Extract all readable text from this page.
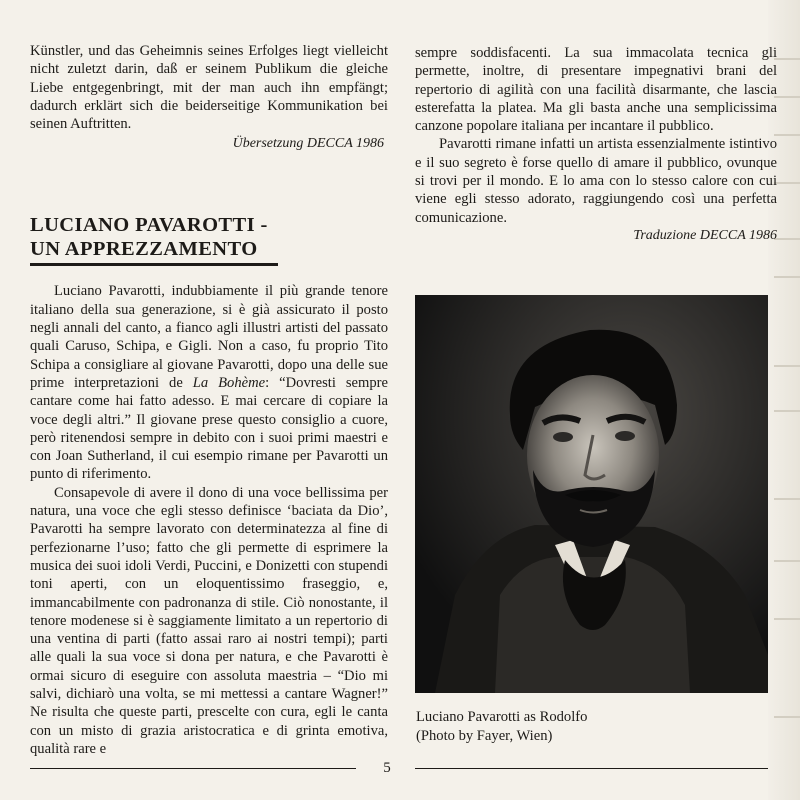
Künstler, und das Geheimnis seines Erfolges liegt vielleicht nicht zuletzt darin, daß er seinem Publikum die gleiche Liebe entgegenbringt, mit der man auch ihn empfängt; dadurch erklärt sich die beiderseitige Kommunikation bei seinen Auftritten.

Übersetzung DECCA 1986

LUCIANO PAVAROTTI -
UN APPREZZAMENTO

Luciano Pavarotti, indubbiamente il più grande tenore italiano della sua generazione, si è già assicurato il posto negli annali del canto, a fianco agli illustri artisti del passato quali Caruso, Schipa, e Gigli. Non a caso, fu proprio Tito Schipa a consigliare al giovane Pavarotti, dopo una delle sue prime interpretazioni de La Bohème: “Dovresti sempre cantare come hai fatto adesso. E mai cercare di copiare la voce degli altri.” Il giovane prese questo consiglio a cuore, però ritenendosi sempre in debito con i suoi primi maestri e con Joan Sutherland, il cui esempio rimane per Pavarotti un punto di riferimento.

Consapevole di avere il dono di una voce bellissima per natura, una voce che egli stesso definisce ‘baciata da Dio’, Pavarotti ha sempre lavorato con determinatezza al fine di perfezionarne l’uso; fatto che gli permette di esprimere la musica dei suoi idoli Verdi, Puccini, e Donizetti con stupendi toni aperti, con un eloquentissimo fraseggio, e, immancabilmente con padronanza di stile. Ciò nonostante, il tenore modenese si è saggiamente limitato a un repertorio di una ventina di parti (fatto assai raro ai nostri tempi); parti alle quali la sua voce si dona per natura, e che Pavarotti è ormai sicuro di eseguire con assoluta maestria – “Dio mi salvi, dichiarò una volta, se mi mettessi a cantare Wagner!” Ne risulta che queste parti, prescelte con cura, egli le canta con un misto di grazia aristocratica e di grinta emotiva, qualità rare e

sempre soddisfacenti. La sua immacolata tecnica gli permette, inoltre, di presentare impegnativi brani del repertorio di agilità con una facilità disarmante, che lascia esterefatta la platea. Ma gli basta anche una semplicissima canzone popolare italiana per incantare il pubblico.

Pavarotti rimane infatti un artista essenzialmente istintivo e il suo segreto è forse quello di amare il pubblico, ovunque si trovi per il mondo. E lo ama con lo stesso calore con cui viene egli stesso adorato, raggiungendo così una perfetta comunicazione.

Traduzione DECCA 1986

Luciano Pavarotti as Rodolfo
(Photo by Fayer, Wien)
5
